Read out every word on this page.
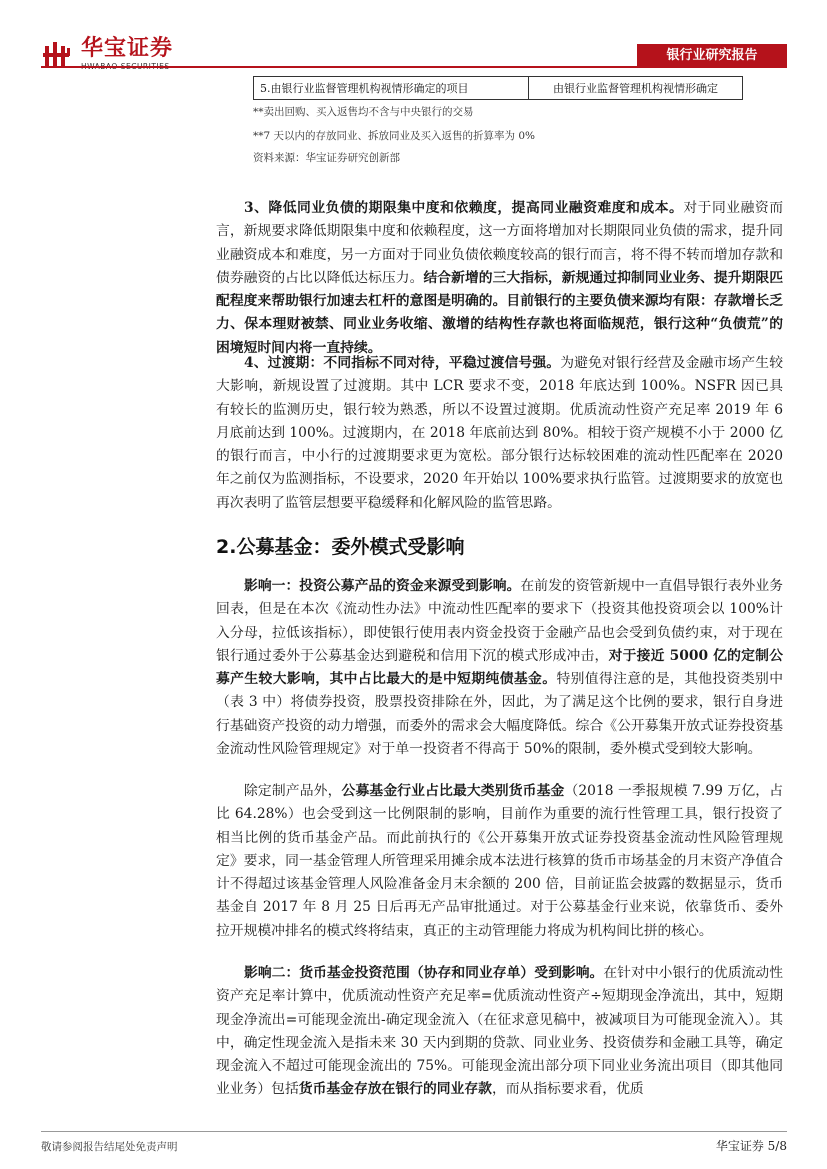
华宝证券	银行业研究报告
5.由银行业监督管理机构视情形确定的项目	由银行业监督管理机构视情形确定
**卖出回购、买入返售均不含与中央银行的交易
**7 天以内的存放同业、拆放同业及买入返售的折算率为 0%
资料来源：华宝证券研究创新部
3、降低同业负债的期限集中度和依赖度，提高同业融资难度和成本。对于同业融资而言，新规要求降低期限集中度和依赖程度，这一方面将增加对长期限同业负债的需求，提升同业融资成本和难度，另一方面对于同业负债依赖度较高的银行而言，将不得不转而增加存款和债券融资的占比以降低达标压力。结合新增的三大指标，新规通过抑制同业业务、提升期限匹配程度来帮助银行加速去杠杆的意图是明确的。目前银行的主要负债来源均有限：存款增长乏力、保本理财被禁、同业业务收缩、激增的结构性存款也将面临规范，银行这种“负债荒”的困境短时间内将一直持续。
4、过渡期：不同指标不同对待，平稳过渡信号强。为避免对银行经营及金融市场产生较大影响，新规设置了过渡期。其中 LCR 要求不变，2018 年底达到 100%。NSFR 因已具有较长的监测历史，银行较为熟悉，所以不设置过渡期。优质流动性资产充足率 2019 年 6 月底前达到 100%。过渡期内，在 2018 年底前达到 80%。相较于资产规模不小于 2000 亿的银行而言，中小行的过渡期要求更为宽松。部分银行达标较困难的流动性匹配率在 2020 年之前仅为监测指标，不设要求，2020 年开始以 100%要求执行监管。过渡期要求的放宽也再次表明了监管层想要平稳缓释和化解风险的监管思路。
2.公募基金：委外模式受影响
影响一：投资公募产品的资金来源受到影响。在前发的资管新规中一直倡导银行表外业务回表，但是在本次《流动性办法》中流动性匹配率的要求下（投资其他投资项会以 100%计入分母，拉低该指标），即使银行使用表内资金投资于金融产品也会受到负债约束，对于现在银行通过委外于公募基金达到避税和信用下沉的模式形成冲击，对于接近 5000 亿的定制公募产生较大影响，其中占比最大的是中短期纯债基金。特别值得注意的是，其他投资类别中（表 3 中）将债券投资，股票投资排除在外，因此，为了满足这个比例的要求，银行自身进行基础资产投资的动力增强，而委外的需求会大幅度降低。综合《公开募集开放式证券投资基金流动性风险管理规定》对于单一投资者不得高于 50%的限制，委外模式受到较大影响。
除定制产品外，公募基金行业占比最大类别货币基金（2018 一季报规模 7.99 万亿，占比 64.28%）也会受到这一比例限制的影响，目前作为重要的流行性管理工具，银行投资了相当比例的货币基金产品。而此前执行的《公开募集开放式证券投资基金流动性风险管理规定》要求，同一基金管理人所管理采用摊余成本法进行核算的货币市场基金的月末资产净值合计不得超过该基金管理人风险准备金月末余额的 200 倍，目前证监会披露的数据显示，货币基金自 2017 年 8 月 25 日后再无产品审批通过。对于公募基金行业来说，依靠货币、委外拉开规模冲排名的模式终将结束，真正的主动管理能力将成为机构间比拼的核心。
影响二：货币基金投资范围（协存和同业存单）受到影响。在针对中小银行的优质流动性资产充足率计算中，优质流动性资产充足率=优质流动性资产÷短期现金净流出，其中，短期现金净流出=可能现金流出-确定现金流入（在征求意见稿中，被减项目为可能现金流入）。其中，确定性现金流入是指未来 30 天内到期的贷款、同业业务、投资债券和金融工具等，确定现金流入不超过可能现金流出的 75%。可能现金流出部分项下同业业务流出项目（即其他同业业务）包括货币基金存放在银行的同业存款，而从指标要求看，优质
敬请参阅报告结尾处免责声明	华宝证券 5/8
